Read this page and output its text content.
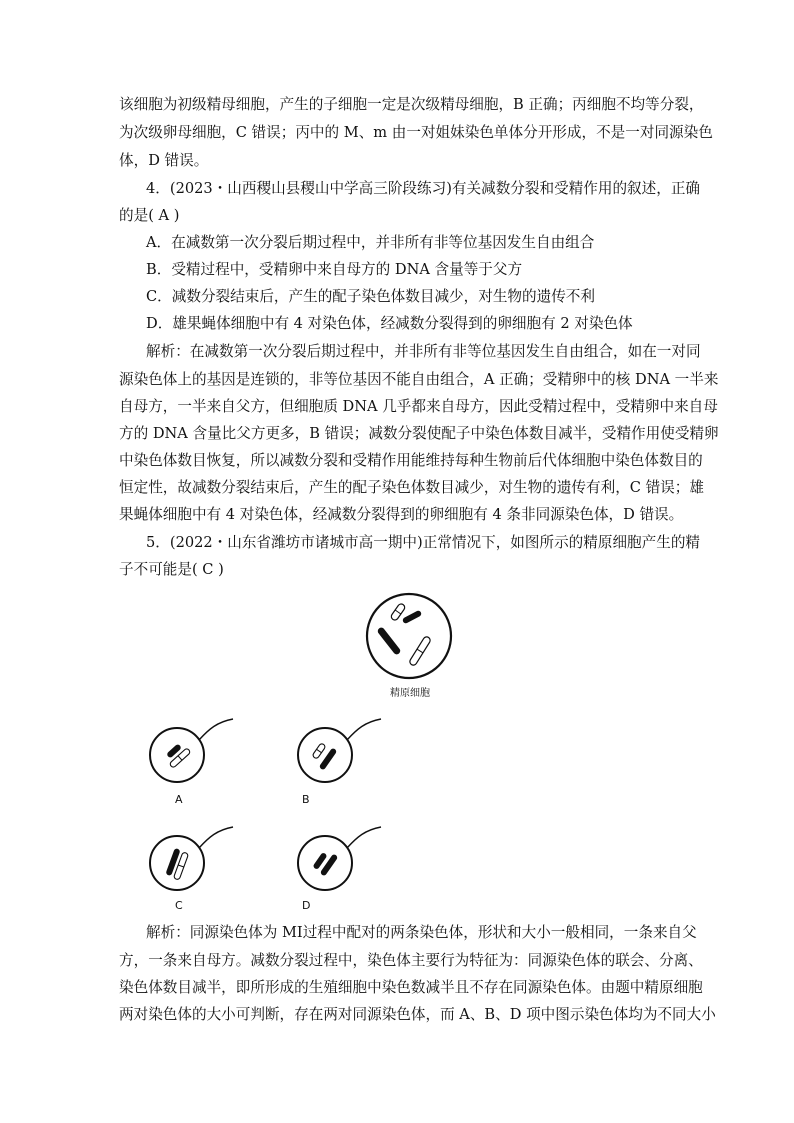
该细胞为初级精母细胞，产生的子细胞一定是次级精母细胞，B 正确；丙细胞不均等分裂，
为次级卵母细胞，C 错误；丙中的 M、m 由一对姐妹染色单体分开形成，不是一对同源染色
体，D 错误。
4．(2023・山西稷山县稷山中学高三阶段练习)有关减数分裂和受精作用的叙述，正确
的是( A )
A．在减数第一次分裂后期过程中，并非所有非等位基因发生自由组合
B．受精过程中，受精卵中来自母方的 DNA 含量等于父方
C．减数分裂结束后，产生的配子染色体数目减少，对生物的遗传不利
D．雄果蝇体细胞中有 4 对染色体，经减数分裂得到的卵细胞有 2 对染色体
解析：在减数第一次分裂后期过程中，并非所有非等位基因发生自由组合，如在一对同
源染色体上的基因是连锁的，非等位基因不能自由组合，A 正确；受精卵中的核 DNA 一半来
自母方，一半来自父方，但细胞质 DNA 几乎都来自母方，因此受精过程中，受精卵中来自母
方的 DNA 含量比父方更多，B 错误；减数分裂使配子中染色体数目减半，受精作用使受精卵
中染色体数目恢复，所以减数分裂和受精作用能维持每种生物前后代体细胞中染色体数目的
恒定性，故减数分裂结束后，产生的配子染色体数目减少，对生物的遗传有利，C 错误；雄
果蝇体细胞中有 4 对染色体，经减数分裂得到的卵细胞有 4 条非同源染色体，D 错误。
5．(2022・山东省潍坊市诸城市高一期中)正常情况下，如图所示的精原细胞产生的精
子不可能是( C )
精原细胞
A	B
C	D
解析：同源染色体为 MⅠ过程中配对的两条染色体，形状和大小一般相同，一条来自父
方，一条来自母方。减数分裂过程中，染色体主要行为特征为：同源染色体的联会、分离、
染色体数目减半，即所形成的生殖细胞中染色数减半且不存在同源染色体。由题中精原细胞
两对染色体的大小可判断，存在两对同源染色体，而 A、B、D 项中图示染色体均为不同大小
